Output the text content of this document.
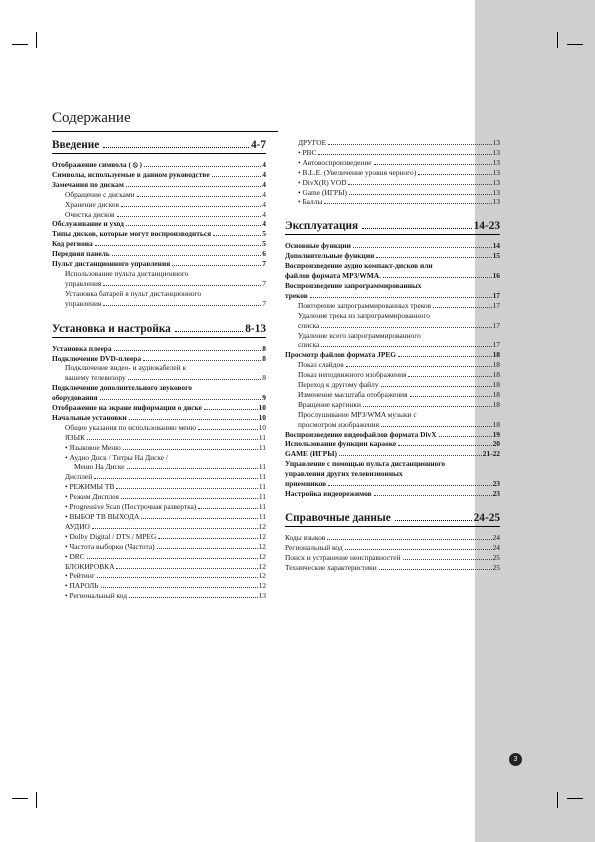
Содержание
Введение	4-7
Отображение символа ( ⦸ )	4
Символы, используемые в данном руководстве	4
Замечания по дискам	4
Обращение с дисками	4
Хранение дисков	4
Очистка дисков	4
Обслуживание и уход	4
Типы дисков, которые могут воспроизводиться	5
Код региона	5
Передняя панель	6
Пульт дистанционного управления	7
Использование пульта дистанционного
управления	7
Установка батарей в пульт дистанционного
управления	7
Установка и настройка	8-13
Установка плеера	8
Подключение DVD-плеера	8
Подключение видео- и аудиокабелей к
вашему телевизору	8
Подключение дополнительного звукового
оборудования	9
Отображение на экране информации о диске	10
Начальные установки	10
Общие указания по использованию меню	10
ЯЗЫК	11
• Языковое Меню	11
• Аудио Диск / Титры На Диске /
Меню На Диске	11
Дисплей	11
• РЕЖИМЫ ТВ	11
• Режим Дисплея	11
• Progressive Scan (Построчная развертка)	11
• ВЫБОР ТВ ВЫХОДА	11
АУДИО	12
• Dolby Digital / DTS / MPEG	12
• Частота выборки (Частота)	12
• DRC	12
БЛОКИРОВКА	12
• Рейтинг	12
• ПАРОЛЬ	12
• Региональный код	13
ДРУГОЕ	13
• PBC	13
• Автовоспроизведение	13
• B.L.E. (Увеличение уровня черного)	13
• DivX(R) VOD	13
• Game (ИГРЫ)	13
• Баллы	13
Эксплуатация	14-23
Основные функции	14
Дополнительные функции	15
Воспроизведение аудио компакт-дисков или
файлов формата MP3/WMA.	16
Воспроизведение запрограммированных
треков	17
Повторение запрограммированных треков	17
Удаление трека из запрограммированного
списка	17
Удаление всего запрограммированного
списка	17
Просмотр файлов формата JPEG	18
Показ слайдов	18
Показ неподвижного изображения	18
Переход к другому файлу	18
Изменение масштаба отображения	18
Вращение картинки	18
Прослушивание MP3/WMA музыки с
просмотром изображения	18
Воспроизведение видеофайлов формата DivX	19
Использование функции караоке	20
GAME (ИГРЫ)	21-22
Управление с помощью пульта дистанционного
управления других телевизионных
приемников	23
Настройка видеорежимов	23
Справочные данные	24-25
Коды языков	24
Региональный код	24
Поиск и устранение неисправностей	25
Технические характеристики	25
3
